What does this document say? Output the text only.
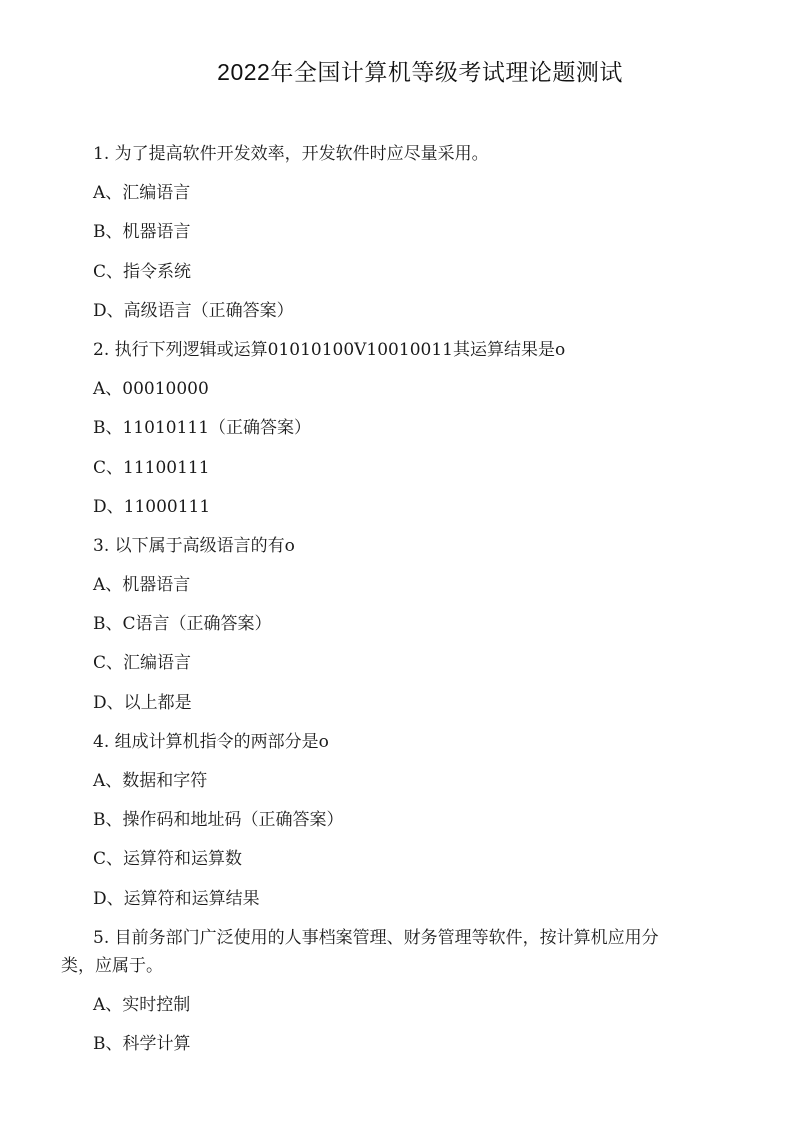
2022年全国计算机等级考试理论题测试
1. 为了提高软件开发效率，开发软件时应尽量采用。
A、汇编语言
B、机器语言
C、指令系统
D、高级语言（正确答案）
2. 执行下列逻辑或运算01010100V10010011其运算结果是o
A、00010000
B、11010111（正确答案）
C、11100111
D、11000111
3. 以下属于高级语言的有o
A、机器语言
B、C语言（正确答案）
C、汇编语言
D、以上都是
4. 组成计算机指令的两部分是o
A、数据和字符
B、操作码和地址码（正确答案）
C、运算符和运算数
D、运算符和运算结果
5. 目前务部门广泛使用的人事档案管理、财务管理等软件，按计算机应用分
类，应属于。
A、实时控制
B、科学计算
